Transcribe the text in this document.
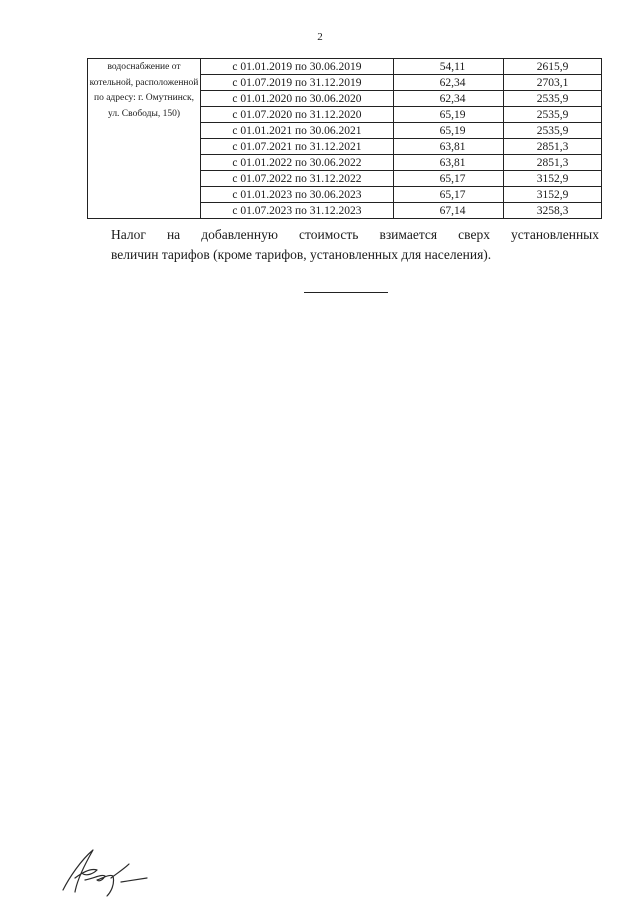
2
водоснабжение от котельной, расположенной по адресу: г. Омутнинск, ул. Свободы, 150)	с 01.01.2019 по 30.06.2019	54,11	2615,9
	с 01.07.2019 по 31.12.2019	62,34	2703,1
	с 01.01.2020 по 30.06.2020	62,34	2535,9
	с 01.07.2020 по 31.12.2020	65,19	2535,9
	с 01.01.2021 по 30.06.2021	65,19	2535,9
	с 01.07.2021 по 31.12.2021	63,81	2851,3
	с 01.01.2022 по 30.06.2022	63,81	2851,3
	с 01.07.2022 по 31.12.2022	65,17	3152,9
	с 01.01.2023 по 30.06.2023	65,17	3152,9
	с 01.07.2023 по 31.12.2023	67,14	3258,3
Налог на добавленную стоимость взимается сверх установленных
величин тарифов (кроме тарифов, установленных для населения).
